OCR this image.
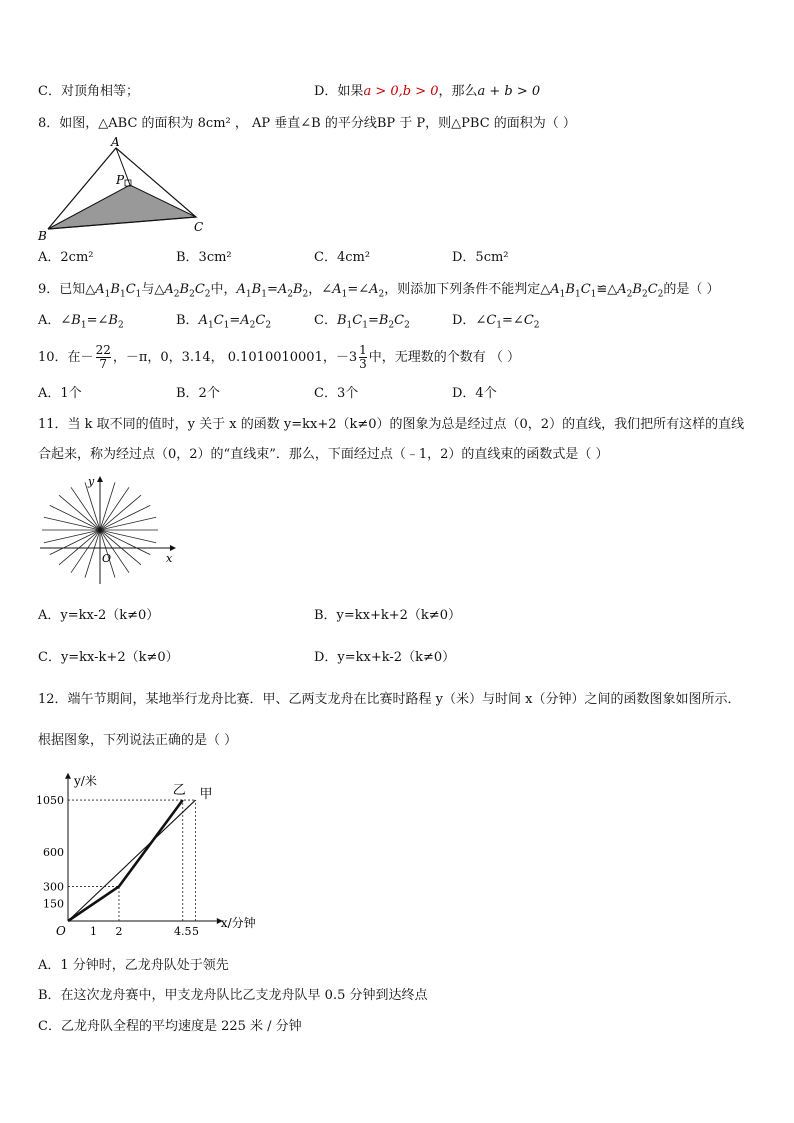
C．对顶角相等；	D．如果a > 0,b > 0，那么a + b > 0
8．如图，△ABC 的面积为 8cm² ， AP 垂直∠B 的平分线BP 于 P，则△PBC 的面积为（ ）
A
P
B
C
A．2cm²	B．3cm²	C．4cm²	D．5cm²
9．已知$\triangle A_1B_1C_1$与$\triangle A_2B_2C_2$中，$A_1B_1=A_2B_2$，$\angle A_1=\angle A_2$，则添加下列条件不能判定$\triangle A_1B_1C_1≌\triangle A_2B_2C_2$的是（ ）
A．$\angle B_1=\angle B_2$	B．$A_1C_1=A_2C_2$	C．$B_1C_1=B_2C_2$	D．$\angle C_1=\angle C_2$
10．在－ $\frac{22}{7}$ ，－π，0，3.14， 0.1010010001，$-3 \frac{1}{3}$ 中，无理数的个数有 （ ）
A．1个	B．2个	C．3个	D．4个
11．当 k 取不同的值时，y 关于 x 的函数 y=kx+2（k≠0）的图象为总是经过点（0，2）的直线，我们把所有这样的直线
合起来，称为经过点（0，2）的“直线束”．那么，下面经过点（﹣1，2）的直线束的函数式是（ ）
y
x
O
A．y=kx-2（k≠0）	B．y=kx+k+2（k≠0）
C．y=kx-k+2（k≠0）	D．y=kx+k-2（k≠0）
12．端午节期间，某地举行龙舟比赛．甲、乙两支龙舟在比赛时路程 y（米）与时间 x（分钟）之间的函数图象如图所示．
根据图象，下列说法正确的是（ ）
y/米
x/分钟
O
150
300
600
1050
1 2	4.5 5
甲
乙
A．1 分钟时，乙龙舟队处于领先
B．在这次龙舟赛中，甲支龙舟队比乙支龙舟队早 0.5 分钟到达终点
C．乙龙舟队全程的平均速度是 225 米 / 分钟
